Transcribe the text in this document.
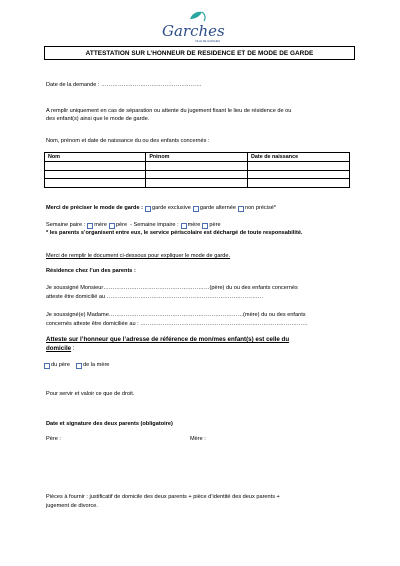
Garches
VILLE DE GARCHES
ATTESTATION SUR L’HONNEUR DE RESIDENCE ET DE MODE DE GARDE
Date de la demande : ………………………………………………
A remplir uniquement en cas de séparation ou attente du jugement fixant le lieu de résidence de ou
des enfant(s) ainsi que le mode de garde.
Nom, prénom et date de naissance du ou des enfants concernés :
Nom	Prénom	Date de naissance

Merci de préciser le mode de garde : garde exclusive garde alternée non précisé*
Semaine paire : mère père - Semaine impaire : mère père
* les parents s’organisent entre eux, le service périscolaire est déchargé de toute responsabilité.
Merci de remplir le document ci-dessous pour expliquer le mode de garde.
Résidence chez l’un des parents :
Je soussigné Monsieur…………………………………………………(père) du ou des enfants concernés
atteste être domicilié au …………………………………………………………………………
Je soussigné(e) Madame………………………………………………………………(mère) du ou des enfants
concernés atteste être domiciliée au : ………………………………………………………………………………
Atteste sur l’honneur que l’adresse de référence de mon/mes enfant(s) est celle du
domicile :
du père de la mère
Pour servir et valoir ce que de droit.
Date et signature des deux parents (obligatoire)
Père :	Mère :
Pièces à fournir : justificatif de domicile des deux parents + pièce d’identité des deux parents +
jugement de divorce.
